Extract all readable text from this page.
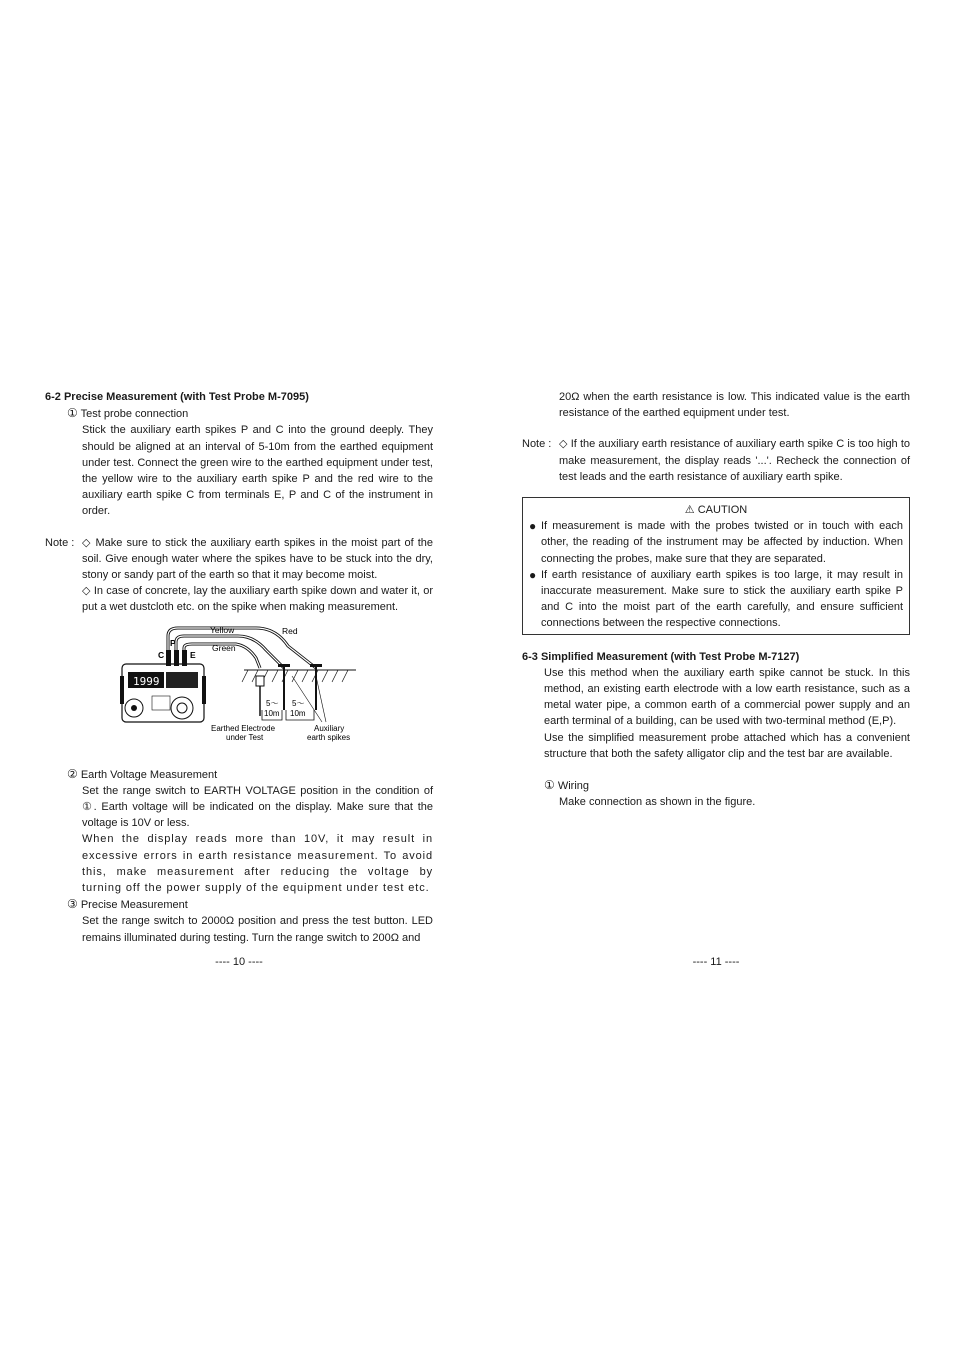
6-2 Precise Measurement (with Test Probe M-7095)
① Test probe connection

Stick the auxiliary earth spikes P and C into the ground deeply. They should be aligned at an interval of 5-10m from the earthed equipment under test. Connect the green wire to the earthed equipment under test, the yellow wire to the auxiliary earth spike P and the red wire to the auxiliary earth spike C from terminals E, P and C of the instrument in order.

Note : ◇ Make sure to stick the auxiliary earth spikes in the moist part of the soil. Give enough water where the spikes have to be stuck into the dry, stony or sandy part of the earth so that it may become moist.

◇ In case of concrete, lay the auxiliary earth spike down and water it, or put a wet dustcloth etc. on the spike when making measurement.

1999
C
P
E
Yellow	Red
Green
5～
10m
5～
10m
Earthed Electrode
under Test
Auxiliary
earth spikes
② Earth Voltage Measurement

Set the range switch to EARTH VOLTAGE position in the condition of ①. Earth voltage will be indicated on the display. Make sure that the voltage is 10V or less.

When the display reads more than 10V, it may result in excessive errors in earth resistance measurement. To avoid this, make measurement after reducing the voltage by turning off the power supply of the equipment under test etc.

③ Precise Measurement

Set the range switch to 2000Ω position and press the test button. LED remains illuminated during testing. Turn the range switch to 200Ω and

20Ω when the earth resistance is low. This indicated value is the earth resistance of the earthed equipment under test.

Note : ◇ If the auxiliary earth resistance of auxiliary earth spike C is too high to make measurement, the display reads '...'. Recheck the connection of test leads and the earth resistance of auxiliary earth spike.

⚠ CAUTION
● If measurement is made with the probes twisted or in touch with each other, the reading of the instrument may be affected by induction. When connecting the probes, make sure that they are separated.
● If earth resistance of auxiliary earth spikes is too large, it may result in inaccurate measurement. Make sure to stick the auxiliary earth spike P and C into the moist part of the earth carefully, and ensure sufficient connections between the respective connections.
6-3 Simplified Measurement (with Test Probe M-7127)

Use this method when the auxiliary earth spike cannot be stuck. In this method, an existing earth electrode with a low earth resistance, such as a metal water pipe, a common earth of a commercial power supply and an earth terminal of a building, can be used with two-terminal method (E,P).

Use the simplified measurement probe attached which has a convenient structure that both the safety alligator clip and the test bar are available.

① Wiring

Make connection as shown in the figure.

---- 10 ----	---- 11 ----
